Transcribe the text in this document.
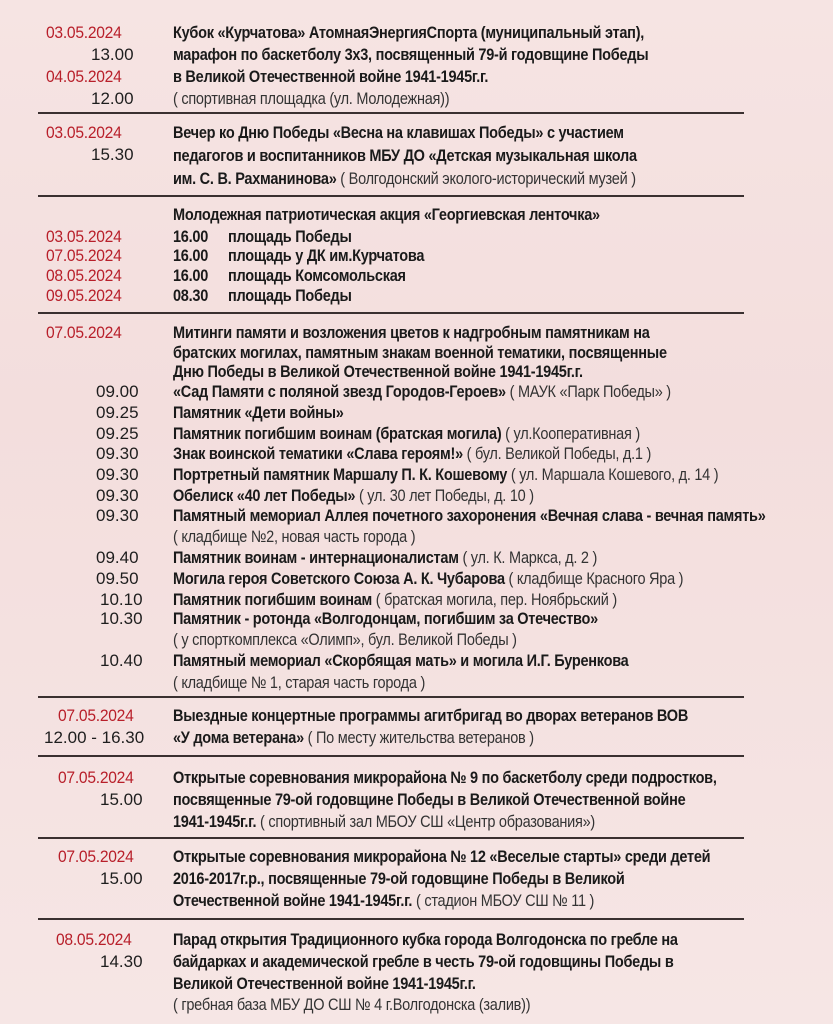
03.05.2024
13.00
04.05.2024
12.00
Кубок «Курчатова» АтомнаяЭнергияСпорта (муниципальный этап),
марафон по баскетболу 3х3, посвященный 79-й годовщине Победы
в Великой Отечественной войне 1941-1945г.г.
( спортивная площадка (ул. Молодежная))
03.05.2024
15.30
Вечер ко Дню Победы «Весна на клавишах Победы» с участием
педагогов и воспитанников МБУ ДО «Детская музыкальная школа
им. С. В. Рахманинова» ( Волгодонский эколого-исторический музей )
Молодежная патриотическая акция «Георгиевская ленточка»
03.05.2024
07.05.2024
08.05.2024
09.05.2024
16.00
16.00
16.00
08.30
площадь Победы
площадь у ДК им.Курчатова
площадь Комсомольская
площадь Победы
07.05.2024	Митинги памяти и возложения цветов к надгробным памятникам на
братских могилах, памятным знакам военной тематики, посвященные
Дню Победы в Великой Отечественной войне 1941-1945г.г.
09.00 «Сад Памяти с поляной звезд Городов-Героев» ( МАУК «Парк Победы» )
09.25 Памятник «Дети войны»
09.25 Памятник погибшим воинам (братская могила) ( ул.Кооперативная )
09.30 Знак воинской тематики «Слава героям!» ( бул. Великой Победы, д.1 )
09.30 Портретный памятник Маршалу П. К. Кошевому ( ул. Маршала Кошевого, д. 14 )
09.30 Обелиск «40 лет Победы» ( ул. 30 лет Победы, д. 10 )
09.30 Памятный мемориал Аллея почетного захоронения «Вечная слава - вечная память»
( кладбище №2, новая часть города )
09.40 Памятник воинам - интернационалистам ( ул. К. Маркса, д. 2 )
09.50 Могила героя Советского Союза А. К. Чубарова ( кладбище Красного Яра )
10.10 Памятник погибшим воинам ( братская могила, пер. Ноябрьский )
10.30 Памятник - ротонда «Волгодонцам, погибшим за Отечество»
( у спорткомплекса «Олимп», бул. Великой Победы )
10.40 Памятный мемориал «Скорбящая мать» и могила И.Г. Буренкова
( кладбище № 1, старая часть города )
07.05.2024
12.00 - 16.30
Выездные концертные программы агитбригад во дворах ветеранов ВОВ
«У дома ветерана» ( По месту жительства ветеранов )
07.05.2024
15.00
Открытые соревнования микрорайона № 9 по баскетболу среди подростков,
посвященные 79-ой годовщине Победы в Великой Отечественной войне
1941-1945г.г. ( спортивный зал МБОУ СШ «Центр образования»)
07.05.2024
15.00
Открытые соревнования микрорайона № 12 «Веселые старты» среди детей
2016-2017г.р., посвященные 79-ой годовщине Победы в Великой
Отечественной войне 1941-1945г.г. ( стадион МБОУ СШ № 11 )
08.05.2024
14.30
Парад открытия Традиционного кубка города Волгодонска по гребле на
байдарках и академической гребле в честь 79-ой годовщины Победы в
Великой Отечественной войне 1941-1945г.г.
( гребная база МБУ ДО СШ № 4 г.Волгодонска (залив))
